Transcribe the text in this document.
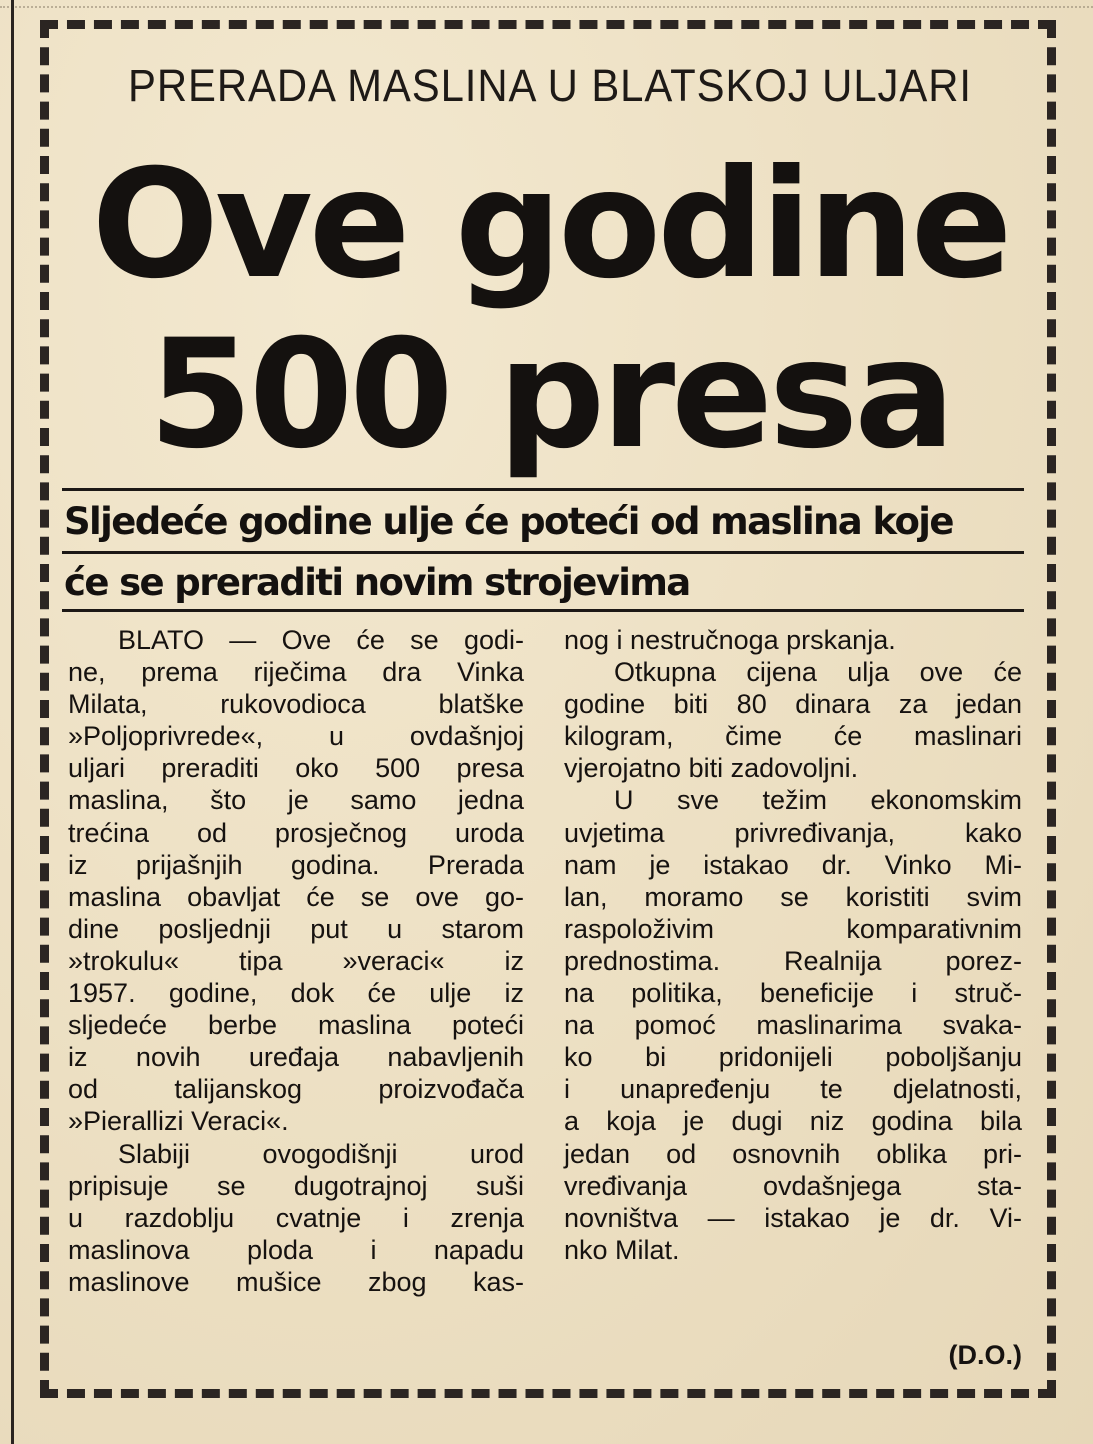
PRERADA MASLINA U BLATSKOJ ULJARI
Ove godine
500 presa
Sljedeće godine ulje će poteći od maslina koje
će se preraditi novim strojevima

BLATO — Ove će se godi-

ne, prema riječima dra Vinka

Milata, rukovodioca blatške

»Poljoprivrede«, u ovdašnjoj

uljari preraditi oko 500 presa

maslina, što je samo jedna

trećina od prosječnog uroda

iz prijašnjih godina. Prerada

maslina obavljat će se ove go-

dine posljednji put u starom

»trokulu« tipa »veraci« iz

1957. godine, dok će ulje iz

sljedeće berbe maslina poteći

iz novih uređaja nabavljenih

od talijanskog proizvođača

»Pierallizi Veraci«.

Slabiji ovogodišnji urod

pripisuje se dugotrajnoj suši

u razdoblju cvatnje i zrenja

maslinova ploda i napadu

maslinove mušice zbog kas-

nog i nestručnoga prskanja.

Otkupna cijena ulja ove će

godine biti 80 dinara za jedan

kilogram, čime će maslinari

vjerojatno biti zadovoljni.

U sve težim ekonomskim

uvjetima privređivanja, kako

nam je istakao dr. Vinko Mi-

lan, moramo se koristiti svim

raspoloživim komparativnim

prednostima. Realnija porez-

na politika, beneficije i struč-

na pomoć maslinarima svaka-

ko bi pridonijeli poboljšanju

i unapređenju te djelatnosti,

a koja je dugi niz godina bila

jedan od osnovnih oblika pri-

vređivanja ovdašnjega sta-

novništva — istakao je dr. Vi-

nko Milat.

(D.O.)
